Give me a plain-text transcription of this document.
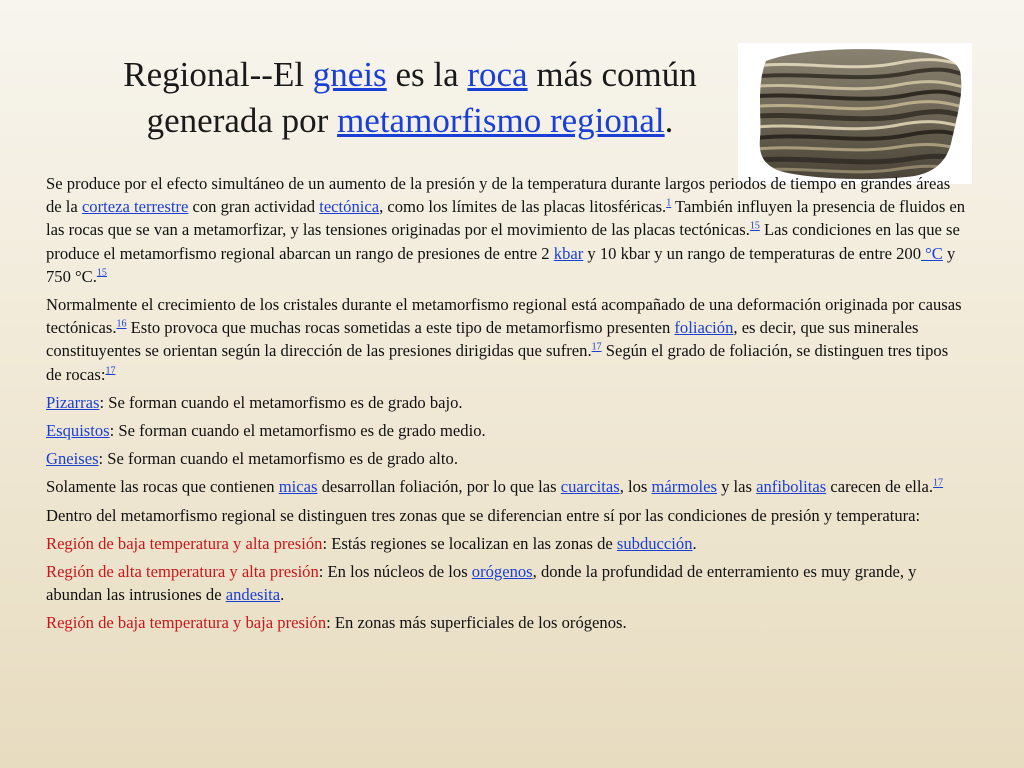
Regional--El gneis es la roca más común generada por metamorfismo regional.

Se produce por el efecto simultáneo de un aumento de la presión y de la temperatura durante largos periodos de tiempo en grandes áreas de la corteza terrestre con gran actividad tectónica, como los límites de las placas litosféricas.$^1$ También influyen la presencia de fluidos en las rocas que se van a metamorfizar, y las tensiones originadas por el movimiento de las placas tectónicas.$^{15}$ Las condiciones en las que se produce el metamorfismo regional abarcan un rango de presiones de entre 2 kbar y 10 kbar y un rango de temperaturas de entre 200 °C y 750 °C.$^{15}$

Normalmente el crecimiento de los cristales durante el metamorfismo regional está acompañado de una deformación originada por causas tectónicas.$^{16}$ Esto provoca que muchas rocas sometidas a este tipo de metamorfismo presenten foliación, es decir, que sus minerales constituyentes se orientan según la dirección de las presiones dirigidas que sufren.$^{17}$ Según el grado de foliación, se distinguen tres tipos de rocas:$^{17}$

Pizarras: Se forman cuando el metamorfismo es de grado bajo.

Esquistos: Se forman cuando el metamorfismo es de grado medio.

Gneises: Se forman cuando el metamorfismo es de grado alto.

Solamente las rocas que contienen micas desarrollan foliación, por lo que las cuarcitas, los mármoles y las anfibolitas carecen de ella.$^{17}$

Dentro del metamorfismo regional se distinguen tres zonas que se diferencian entre sí por las condiciones de presión y temperatura:

Región de baja temperatura y alta presión: Estás regiones se localizan en las zonas de subducción.

Región de alta temperatura y alta presión: En los núcleos de los orógenos, donde la profundidad de enterramiento es muy grande, y abundan las intrusiones de andesita.

Región de baja temperatura y baja presión: En zonas más superficiales de los orógenos.
